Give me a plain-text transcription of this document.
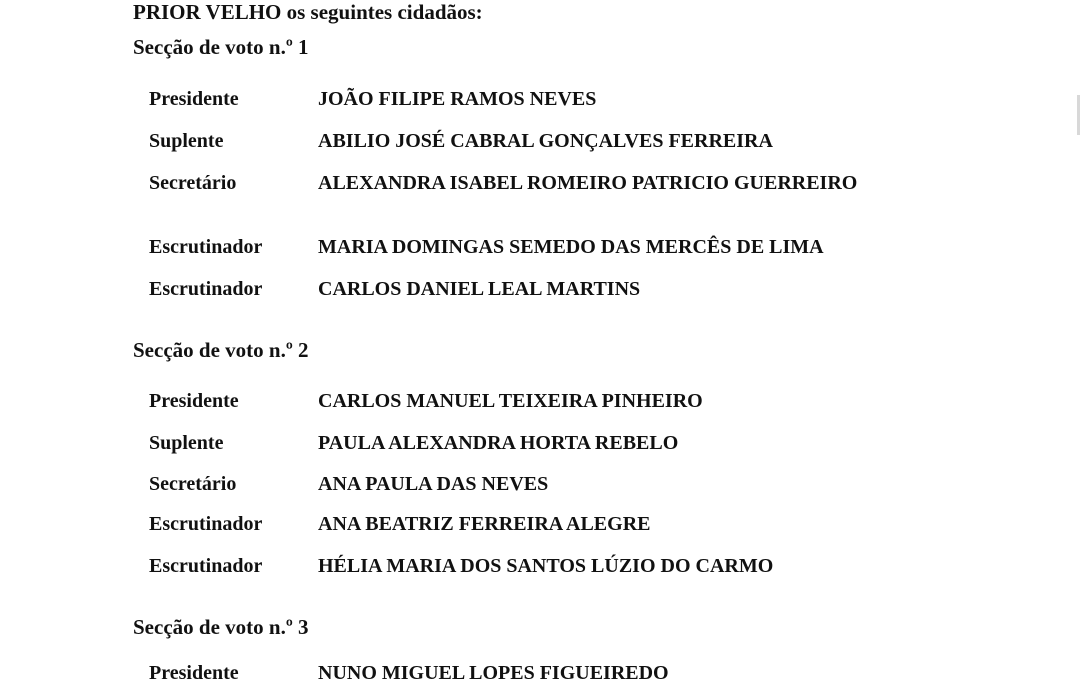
PRIOR VELHO os seguintes cidadãos:

Secção de voto n.º 1

Presidente	JOÃO FILIPE RAMOS NEVES
Suplente	ABILIO JOSÉ CABRAL GONÇALVES FERREIRA
Secretário	ALEXANDRA ISABEL ROMEIRO PATRICIO GUERREIRO
Escrutinador	MARIA DOMINGAS SEMEDO DAS MERCÊS DE LIMA
Escrutinador	CARLOS DANIEL LEAL MARTINS

Secção de voto n.º 2

Presidente	CARLOS MANUEL TEIXEIRA PINHEIRO
Suplente	PAULA ALEXANDRA HORTA REBELO
Secretário	ANA PAULA DAS NEVES
Escrutinador	ANA BEATRIZ FERREIRA ALEGRE
Escrutinador	HÉLIA MARIA DOS SANTOS LÚZIO DO CARMO

Secção de voto n.º 3

Presidente	NUNO MIGUEL LOPES FIGUEIREDO
